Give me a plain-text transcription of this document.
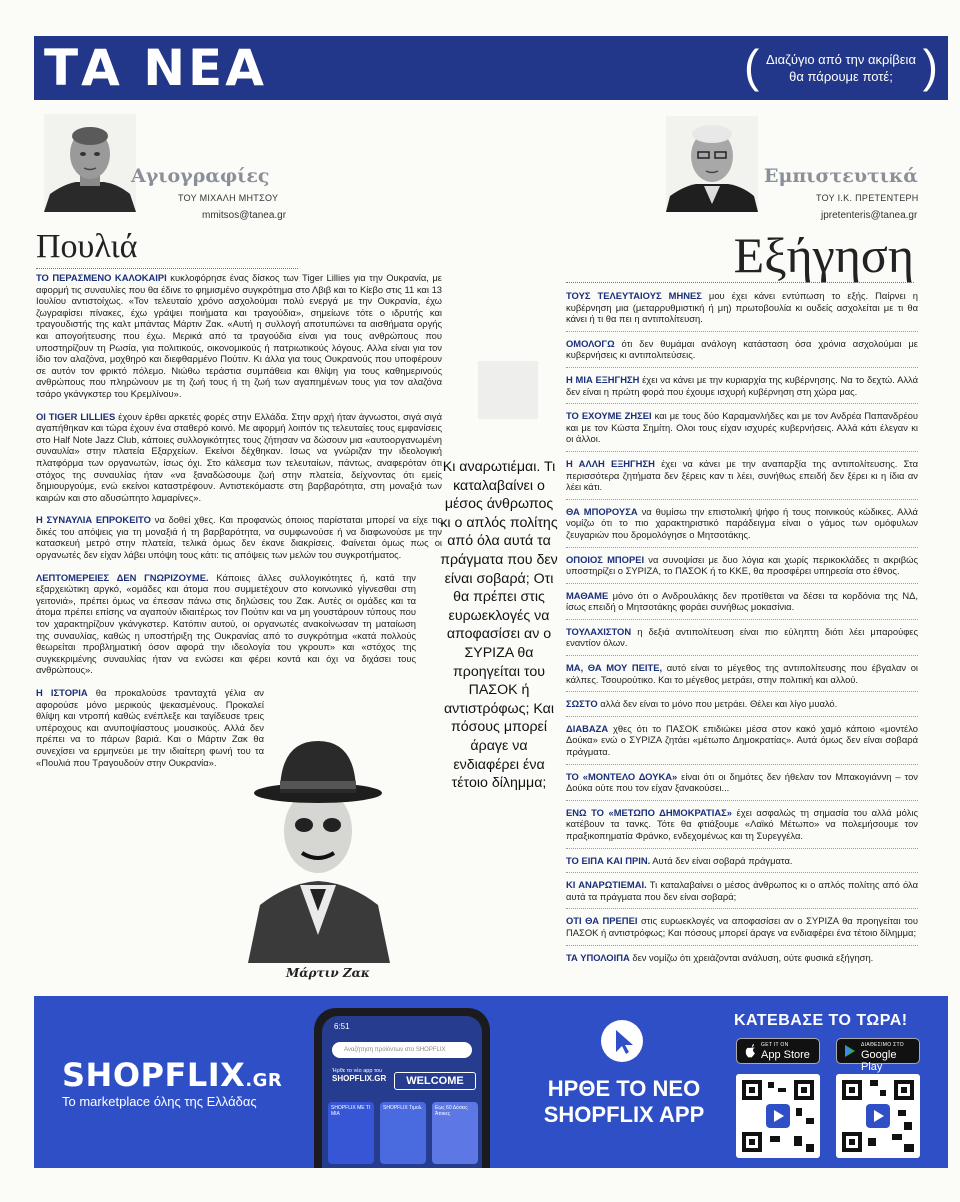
ΤΑ ΝΕΑ	( Διαζύγιο από την ακρίβεια
θα πάρουμε ποτέ; )
Αγιογραφίες
ΤΟΥ ΜΙΧΑΛΗ ΜΗΤΣΟΥ
mmitsos@tanea.gr
Πουλιά
Εμπιστευτικά
ΤΟΥ Ι.Κ. ΠΡΕΤΕΝΤΕΡΗ
jpretenteris@tanea.gr
Εξήγηση

ΤΟ ΠΕΡΑΣΜΕΝΟ ΚΑΛΟΚΑΙΡΙ κυκλοφόρησε ένας δίσκος των Tiger Lillies για την Ουκρανία, με αφορμή τις συναυλίες που θα έδινε το φημισμένο συγκρότημα στο Λβιβ και το Κίεβο στις 11 και 13 Ιουλίου αντιστοίχως. «Τον τελευταίο χρόνο ασχολούμαι πολύ ενεργά με την Ουκρανία, έχω ζωγραφίσει πίνακες, έχω γράψει ποιήματα και τραγούδια», σημείωνε τότε ο ιδρυτής και τραγουδιστής της καλτ μπάντας Μάρτιν Ζακ. «Αυτή η συλλογή αποτυπώνει τα αισθήματα οργής και απογοήτευσης που έχω. Μερικά από τα τραγούδια είναι για τους ανθρώπους που υποστηρίζουν τη Ρωσία, για πολιτικούς, οικονομικούς ή πατριωτικούς λόγους. Αλλα είναι για τον ίδιο τον αλαζόνα, μοχθηρό και διεφθαρμένο Πούτιν. Κι άλλα για τους Ουκρανούς που υποφέρουν σε αυτόν τον φρικτό πόλεμο. Νιώθω τεράστια συμπάθεια και θλίψη για τους καθημερινούς ανθρώπους που πληρώνουν με τη ζωή τους ή τη ζωή των αγαπημένων τους για τον αλαζόνα τσάρο γκάνγκστερ του Κρεμλίνου».

ΟΙ TIGER LILLIES έχουν έρθει αρκετές φορές στην Ελλάδα. Στην αρχή ήταν άγνωστοι, σιγά σιγά αγαπήθηκαν και τώρα έχουν ένα σταθερό κοινό. Με αφορμή λοιπόν τις τελευταίες τους εμφανίσεις στο Half Note Jazz Club, κάποιες συλλογικότητες τους ζήτησαν να δώσουν μια «αυτοοργανωμένη συναυλία» στην πλατεία Εξαρχείων. Εκείνοι δέχθηκαν. Ισως να γνώριζαν την ιδεολογική πλατφόρμα των οργανωτών, ίσως όχι. Στο κάλεσμα των τελευταίων, πάντως, αναφερόταν ότι στόχος της συναυλίας ήταν «να ξαναδώσουμε ζωή στην πλατεία, δείχνοντας ότι εμείς δημιουργούμε, ενώ εκείνοι καταστρέφουν. Αντιστεκόμαστε στη βαρβαρότητα, στη μοναξιά των καιρών και στο αδυσώπητο λαμαρίνες».

Η ΣΥΝΑΥΛΙΑ ΕΠΡΟΚΕΙΤΟ να δοθεί χθες. Και προφανώς όποιος παρίσταται μπορεί να είχε τις δικές του απόψεις για τη μοναξιά ή τη βαρβαρότητα, να συμφωνούσε ή να διαφωνούσε με την κατασκευή μετρό στην πλατεία, τελικά όμως δεν έκανε διακρίσεις. Φαίνεται όμως πως οι οργανωτές δεν είχαν λάβει υπόψη τους κάτι: τις απόψεις των μελών του συγκροτήματος.

ΛΕΠΤΟΜΕΡΕΙΕΣ ΔΕΝ ΓΝΩΡΙΖΟΥΜΕ. Κάποιες άλλες συλλογικότητες ή, κατά την εξαρχειώτικη αργκό, «ομάδες και άτομα που συμμετέχουν στο κοινωνικό γίγνεσθαι στη γειτονιά», πρέπει όμως να έπεσαν πάνω στις δηλώσεις του Ζακ. Αυτές οι ομάδες και τα άτομα πρέπει επίσης να αγαπούν ιδιαιτέρως τον Πούτιν και να μη γουστάρουν τύπους που τον χαρακτηρίζουν γκάνγκστερ. Κατόπιν αυτού, οι οργανωτές ανακοίνωσαν τη ματαίωση της συναυλίας, καθώς η υποστήριξη της Ουκρανίας από το συγκρότημα «κατά πολλούς θεωρείται προβληματική όσον αφορά την ιδεολογία του γκρουπ» και «στόχος της συγκεκριμένης συναυλίας ήταν να ενώσει και φέρει κοντά και όχι να διχάσει τους ανθρώπους».

Η ΙΣΤΟΡΙΑ θα προκαλούσε τρανταχτά γέλια αν αφορούσε μόνο μερικούς ψεκασμένους. Προκαλεί θλίψη και ντροπή καθώς ενέπλεξε και ταγίδευσε τρεις υπέροχους και ανυποψίαστους μουσικούς. Αλλά δεν πρέπει να το πάρων βαριά. Και ο Μάρτιν Ζακ θα συνεχίσει να ερμηνεύει με την ιδιαίτερη φωνή του τα «Πουλιά που Τραγουδούν στην Ουκρανία».

Μάρτιν Ζακ
Κι αναρωτιέμαι. Τι καταλαβαίνει ο μέσος άνθρωπος κι ο απλός πολίτης από όλα αυτά τα πράγματα που δεν είναι σοβαρά; Οτι θα πρέπει στις ευρωεκλογές να αποφασίσει αν ο ΣΥΡΙΖΑ θα προηγείται του ΠΑΣΟΚ ή αντιστρόφως; Και πόσους μπορεί άραγε να ενδιαφέρει ένα τέτοιο δίλημμα;

ΤΟΥΣ ΤΕΛΕΥΤΑΙΟΥΣ ΜΗΝΕΣ μου έχει κάνει εντύπωση το εξής. Παίρνει η κυβέρνηση μια (μεταρρυθμιστική ή μη) πρωτοβουλία κι ουδείς ασχολείται με τι θα κάνει ή τι θα πει η αντιπολίτευση.

ΟΜΟΛΟΓΩ ότι δεν θυμάμαι ανάλογη κατάσταση όσα χρόνια ασχολούμαι με κυβερνήσεις κι αντιπολιτεύσεις.

Η ΜΙΑ ΕΞΗΓΗΣΗ έχει να κάνει με την κυριαρχία της κυβέρνησης. Να το δεχτώ. Αλλά δεν είναι η πρώτη φορά που έχουμε ισχυρή κυβέρνηση στη χώρα μας.

ΤΟ ΕΧΟΥΜΕ ΖΗΣΕΙ και με τους δύο Καραμανλήδες και με τον Ανδρέα Παπανδρέου και με τον Κώστα Σημίτη. Ολοι τους είχαν ισχυρές κυβερνήσεις. Αλλά κάτι έλεγαν κι οι άλλοι.

Η ΑΛΛΗ ΕΞΗΓΗΣΗ έχει να κάνει με την αναπαρξία της αντιπολίτευσης. Στα περισσότερα ζητήματα δεν ξέρεις καν τι λέει, συνήθως επειδή δεν ξέρει κι η ίδια αν λέει κάτι.

ΘΑ ΜΠΟΡΟΥΣΑ να θυμίσω την επιστολική ψήφο ή τους ποινικούς κώδικες. Αλλά νομίζω ότι το πιο χαρακτηριστικό παράδειγμα είναι ο γάμος των ομόφυλων ζευγαριών που δρομολόγησε ο Μητσοτάκης.

ΟΠΟΙΟΣ ΜΠΟΡΕΙ να συνοψίσει με δυο λόγια και χωρίς περικοκλάδες τι ακριβώς υποστηρίζει ο ΣΥΡΙΖΑ, το ΠΑΣΟΚ ή το ΚΚΕ, θα προσφέρει υπηρεσία στο έθνος.

ΜΑΘΑΜΕ μόνο ότι ο Ανδρουλάκης δεν προτίθεται να δέσει τα κορδόνια της ΝΔ, ίσως επειδή ο Μητσοτάκης φοράει συνήθως μοκασίνια.

ΤΟΥΛΑΧΙΣΤΟΝ η δεξιά αντιπολίτευση είναι πιο εύληπτη διότι λέει μπαρούφες εναντίον όλων.

ΜΑ, ΘΑ ΜΟΥ ΠΕΙΤΕ, αυτό είναι το μέγεθος της αντιπολίτευσης που έβγαλαν οι κάλπες. Τσουρούτικο. Και το μέγεθος μετράει, στην πολιτική και αλλού.

ΣΩΣΤΟ αλλά δεν είναι το μόνο που μετράει. Θέλει και λίγο μυαλό.

ΔΙΑΒΑΖΑ χθες ότι το ΠΑΣΟΚ επιδιώκει μέσα στον κακό χαμό κάποιο «μοντέλο Δούκα» ενώ ο ΣΥΡΙΖΑ ζητάει «μέτωπο Δημοκρατίας». Αυτά όμως δεν είναι σοβαρά πράγματα.

ΤΟ «ΜΟΝΤΕΛΟ ΔΟΥΚΑ» είναι ότι οι δημότες δεν ήθελαν τον Μπακογιάννη – τον Δούκα ούτε που τον είχαν ξανακούσει...

ΕΝΩ ΤΟ «ΜΕΤΩΠΟ ΔΗΜΟΚΡΑΤΙΑΣ» έχει ασφαλώς τη σημασία του αλλά μόλις κατέβουν τα τανκς. Τότε θα φτιάξουμε «Λαϊκό Μέτωπο» να πολεμήσουμε τον πραξικοπηματία Φράνκο, ενδεχομένως και τη Συρεγγέλα.

ΤΟ ΕΙΠΑ ΚΑΙ ΠΡΙΝ. Αυτά δεν είναι σοβαρά πράγματα.

ΚΙ ΑΝΑΡΩΤΙΕΜΑΙ. Τι καταλαβαίνει ο μέσος άνθρωπος κι ο απλός πολίτης από όλα αυτά τα πράγματα που δεν είναι σοβαρά;

ΟΤΙ ΘΑ ΠΡΕΠΕΙ στις ευρωεκλογές να αποφασίσει αν ο ΣΥΡΙΖΑ θα προηγείται του ΠΑΣΟΚ ή αντιστρόφως; Και πόσους μπορεί άραγε να ενδιαφέρει ένα τέτοιο δίλημμα;

ΤΑ ΥΠΟΛΟΙΠΑ δεν νομίζω ότι χρειάζονται ανάλυση, ούτε φυσικά εξήγηση.

SHOPFLIX.GR
Το marketplace όλης της Ελλάδας
6:51
Αναζήτηση προϊόντων στο SHOPFLIX
Ήρθε το νέο app του
SHOPFLIX.GR	WELCOME
SHOPFLIX ΜΕ ΤΙ ΜΙΑ
SHOPFLIX Τιμολ.	Εως 60 Δόσεις Άτοκες
ΗΡΘΕ ΤΟ ΝΕΟ
SHOPFLIX APP
ΚΑΤΕΒΑΣΕ ΤΟ ΤΩΡΑ!
GET IT ON
App Store
ΔΙΑΘΕΣΙΜΟ ΣΤΟ
Google Play
